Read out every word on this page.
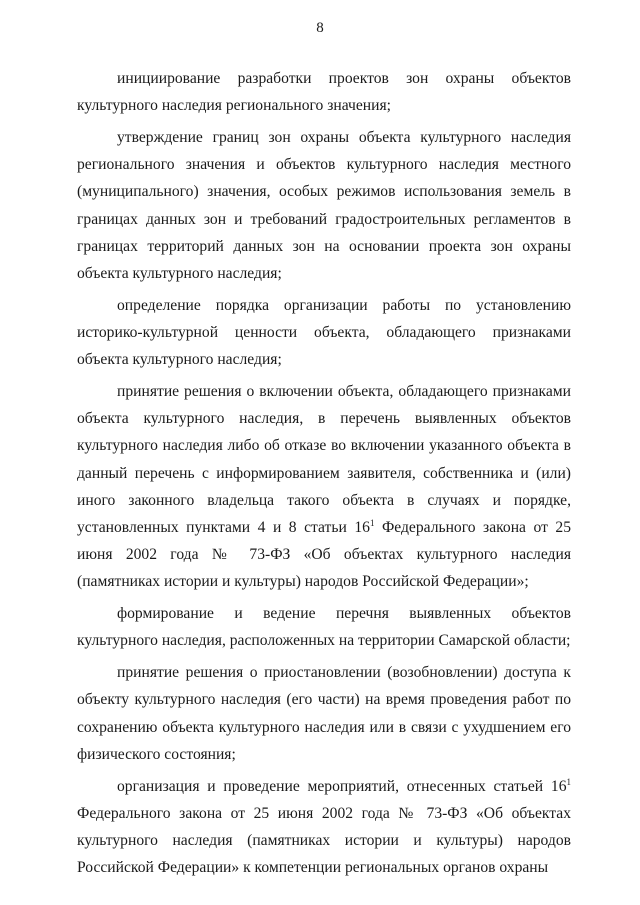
8

инициирование разработки проектов зон охраны объектов культурного наследия регионального значения;

утверждение границ зон охраны объекта культурного наследия регионального значения и объектов культурного наследия местного (муниципального) значения, особых режимов использования земель в границах данных зон и требований градостроительных регламентов в границах территорий данных зон на основании проекта зон охраны объекта культурного наследия;

определение порядка организации работы по установлению историко-культурной ценности объекта, обладающего признаками объекта культурного наследия;

принятие решения о включении объекта, обладающего признаками объекта культурного наследия, в перечень выявленных объектов культурного наследия либо об отказе во включении указанного объекта в данный перечень с информированием заявителя, собственника и (или) иного законного владельца такого объекта в случаях и порядке, установленных пунктами 4 и 8 статьи $16^1$ Федерального закона от 25 июня 2002 года № 73-ФЗ «Об объектах культурного наследия (памятниках истории и культуры) народов Российской Федерации»;

формирование и ведение перечня выявленных объектов культурного наследия, расположенных на территории Самарской области;

принятие решения о приостановлении (возобновлении) доступа к объекту культурного наследия (его части) на время проведения работ по сохранению объекта культурного наследия или в связи с ухудшением его физического состояния;

организация и проведение мероприятий, отнесенных статьей $16^1$ Федерального закона от 25 июня 2002 года № 73-ФЗ «Об объектах культурного наследия (памятниках истории и культуры) народов Российской Федерации» к компетенции региональных органов охраны
